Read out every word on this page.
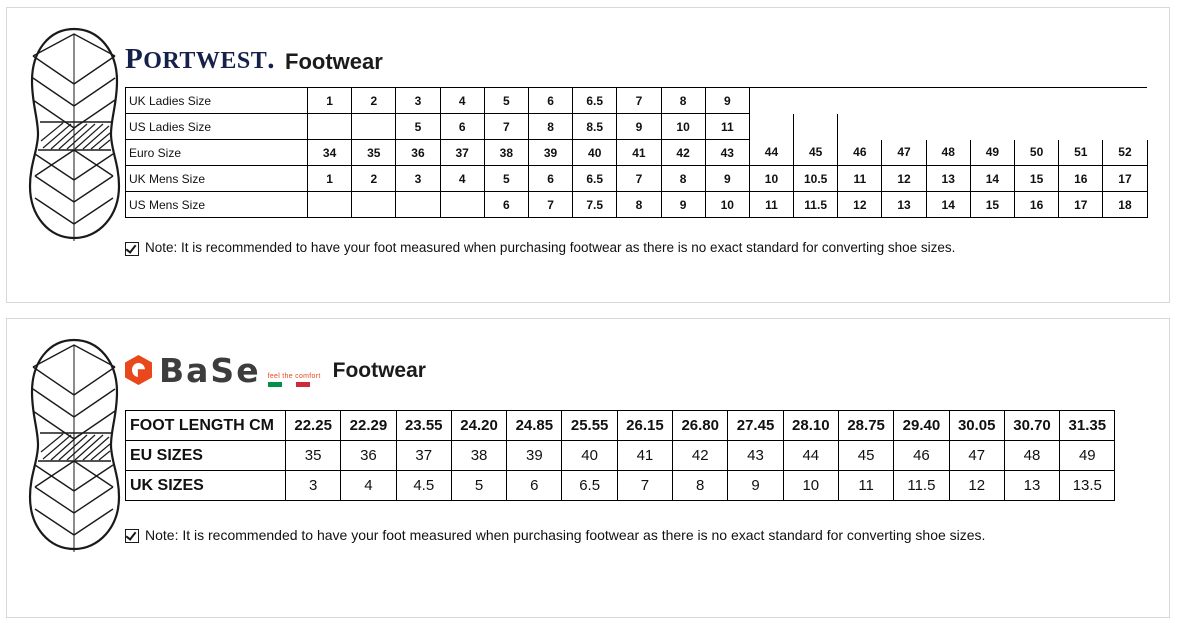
PORTWEST. Footwear
UK Ladies Size	1	2	3	4	5	6	6.5	7	8	9									
US Ladies Size			5	6	7	8	8.5	9	10	11									
Euro Size	34	35	36	37	38	39	40	41	42	43	44	45	46	47	48	49	50	51	52
UK Mens Size	1	2	3	4	5	6	6.5	7	8	9	10	10.5	11	12	13	14	15	16	17
US Mens Size					6	7	7.5	8	9	10	11	11.5	12	13	14	15	16	17	18
Note: It is recommended to have your foot measured when purchasing footwear as there is no exact standard for converting shoe sizes.
BaSe feel the comfort Footwear
FOOT LENGTH CM	22.25	22.29	23.55	24.20	24.85	25.55	26.15	26.80	27.45	28.10	28.75	29.40	30.05	30.70	31.35
EU SIZES	35	36	37	38	39	40	41	42	43	44	45	46	47	48	49
UK SIZES	3	4	4.5	5	6	6.5	7	8	9	10	11	11.5	12	13	13.5
Note: It is recommended to have your foot measured when purchasing footwear as there is no exact standard for converting shoe sizes.
